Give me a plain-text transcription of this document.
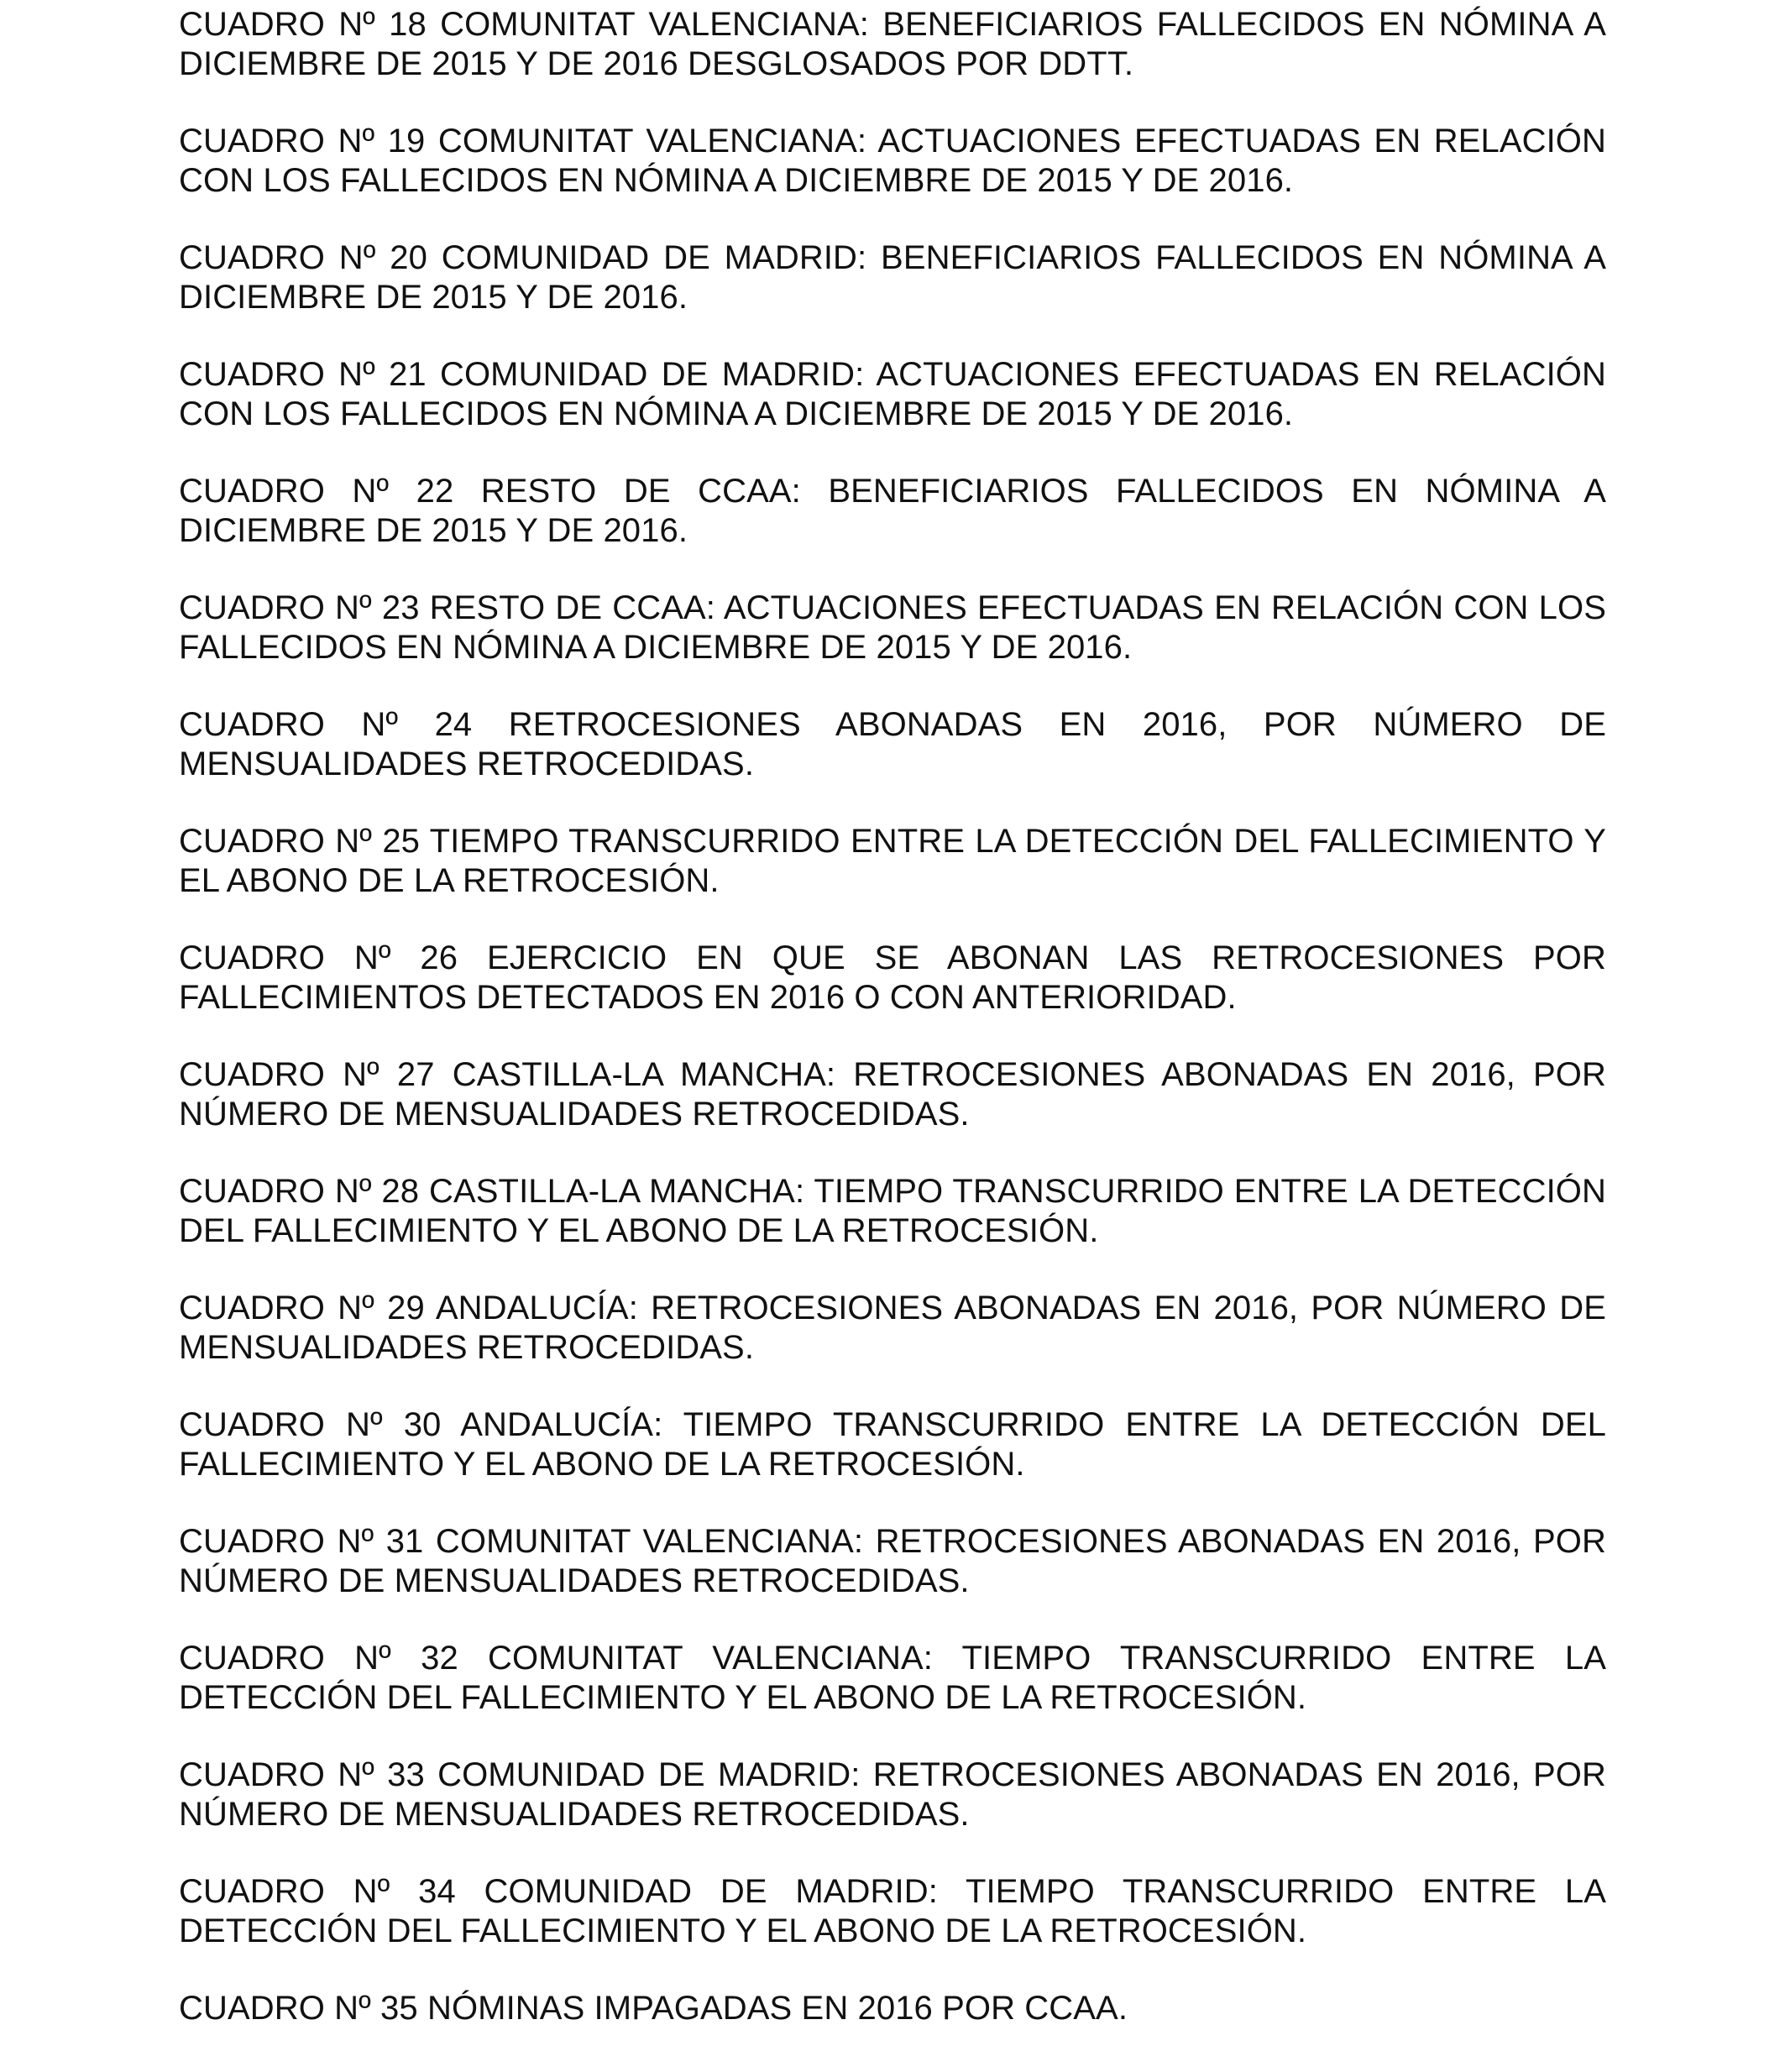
CUADRO Nº 18 COMUNITAT VALENCIANA: BENEFICIARIOS FALLECIDOS EN NÓMINA A DICIEMBRE DE 2015 Y DE 2016 DESGLOSADOS POR DDTT.

CUADRO Nº 19 COMUNITAT VALENCIANA: ACTUACIONES EFECTUADAS EN RELACIÓN CON LOS FALLECIDOS EN NÓMINA A DICIEMBRE DE 2015 Y DE 2016.

CUADRO Nº 20 COMUNIDAD DE MADRID: BENEFICIARIOS FALLECIDOS EN NÓMINA A DICIEMBRE DE 2015 Y DE 2016.

CUADRO Nº 21 COMUNIDAD DE MADRID: ACTUACIONES EFECTUADAS EN RELACIÓN CON LOS FALLECIDOS EN NÓMINA A DICIEMBRE DE 2015 Y DE 2016.

CUADRO Nº 22 RESTO DE CCAA: BENEFICIARIOS FALLECIDOS EN NÓMINA A DICIEMBRE DE 2015 Y DE 2016.

CUADRO Nº 23 RESTO DE CCAA: ACTUACIONES EFECTUADAS EN RELACIÓN CON LOS FALLECIDOS EN NÓMINA A DICIEMBRE DE 2015 Y DE 2016.

CUADRO Nº 24 RETROCESIONES ABONADAS EN 2016, POR NÚMERO DE MENSUALIDADES RETROCEDIDAS.

CUADRO Nº 25 TIEMPO TRANSCURRIDO ENTRE LA DETECCIÓN DEL FALLECIMIENTO Y EL ABONO DE LA RETROCESIÓN.

CUADRO Nº 26 EJERCICIO EN QUE SE ABONAN LAS RETROCESIONES POR FALLECIMIENTOS DETECTADOS EN 2016 O CON ANTERIORIDAD.

CUADRO Nº 27 CASTILLA-LA MANCHA: RETROCESIONES ABONADAS EN 2016, POR NÚMERO DE MENSUALIDADES RETROCEDIDAS.

CUADRO Nº 28 CASTILLA-LA MANCHA: TIEMPO TRANSCURRIDO ENTRE LA DETECCIÓN DEL FALLECIMIENTO Y EL ABONO DE LA RETROCESIÓN.

CUADRO Nº 29 ANDALUCÍA: RETROCESIONES ABONADAS EN 2016, POR NÚMERO DE MENSUALIDADES RETROCEDIDAS.

CUADRO Nº 30 ANDALUCÍA: TIEMPO TRANSCURRIDO ENTRE LA DETECCIÓN DEL FALLECIMIENTO Y EL ABONO DE LA RETROCESIÓN.

CUADRO Nº 31 COMUNITAT VALENCIANA: RETROCESIONES ABONADAS EN 2016, POR NÚMERO DE MENSUALIDADES RETROCEDIDAS.

CUADRO Nº 32 COMUNITAT VALENCIANA: TIEMPO TRANSCURRIDO ENTRE LA DETECCIÓN DEL FALLECIMIENTO Y EL ABONO DE LA RETROCESIÓN.

CUADRO Nº 33 COMUNIDAD DE MADRID: RETROCESIONES ABONADAS EN 2016, POR NÚMERO DE MENSUALIDADES RETROCEDIDAS.

CUADRO Nº 34 COMUNIDAD DE MADRID: TIEMPO TRANSCURRIDO ENTRE LA DETECCIÓN DEL FALLECIMIENTO Y EL ABONO DE LA RETROCESIÓN.

CUADRO Nº 35 NÓMINAS IMPAGADAS EN 2016 POR CCAA.
